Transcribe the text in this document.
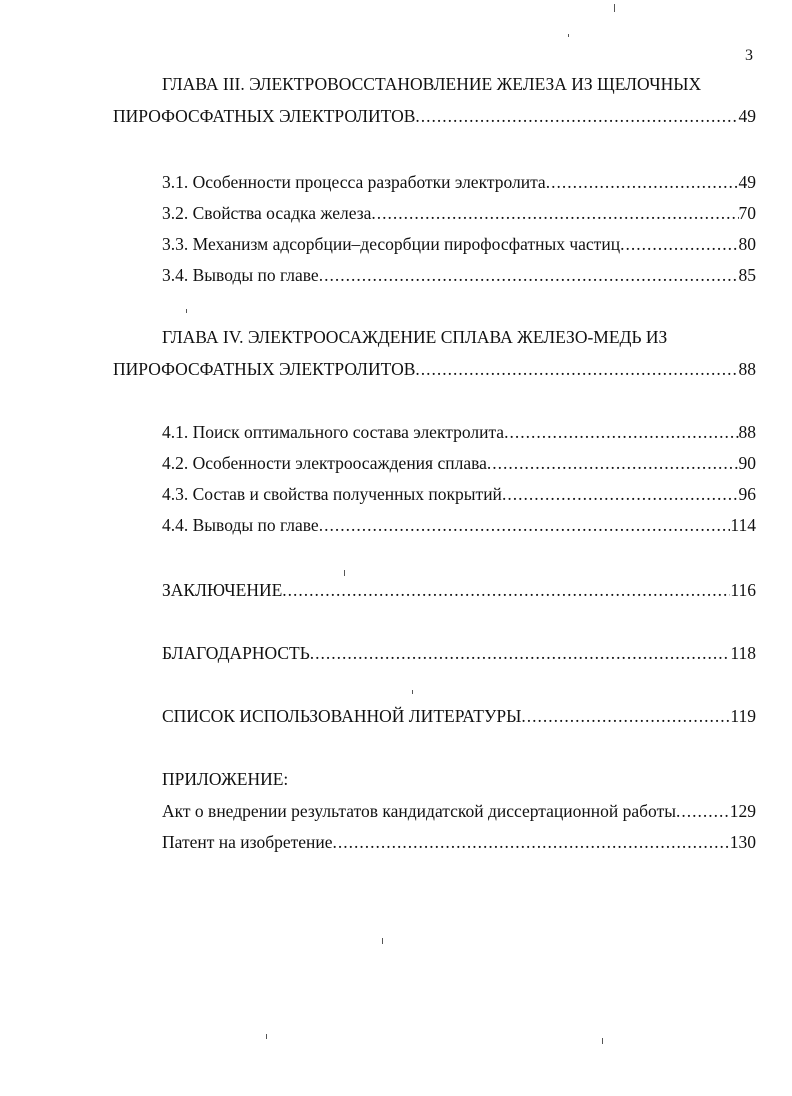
3
ГЛАВА III. ЭЛЕКТРОВОССТАНОВЛЕНИЕ ЖЕЛЕЗА ИЗ ЩЕЛОЧНЫХ
ПИРОФОСФАТНЫХ ЭЛЕКТРОЛИТОВ .....	49
3.1. Особенности процесса разработки электролита .....	49
3.2. Свойства осадка железа .....	70
3.3. Механизм адсорбции–десорбции пирофосфатных частиц .....	80
3.4. Выводы по главе .....	85
ГЛАВА IV. ЭЛЕКТРООСАЖДЕНИЕ СПЛАВА ЖЕЛЕЗО-МЕДЬ ИЗ
ПИРОФОСФАТНЫХ ЭЛЕКТРОЛИТОВ .....	88
4.1. Поиск оптимального состава электролита .....	88
4.2. Особенности электроосаждения сплава .....	90
4.3. Состав и свойства полученных покрытий .....	96
4.4. Выводы по главе .....	114
ЗАКЛЮЧЕНИЕ .....	116
БЛАГОДАРНОСТЬ .....	118
СПИСОК ИСПОЛЬЗОВАННОЙ ЛИТЕРАТУРЫ .....	119
ПРИЛОЖЕНИЕ:
Акт о внедрении результатов кандидатской диссертационной работы .....	129
Патент на изобретение .....	130
